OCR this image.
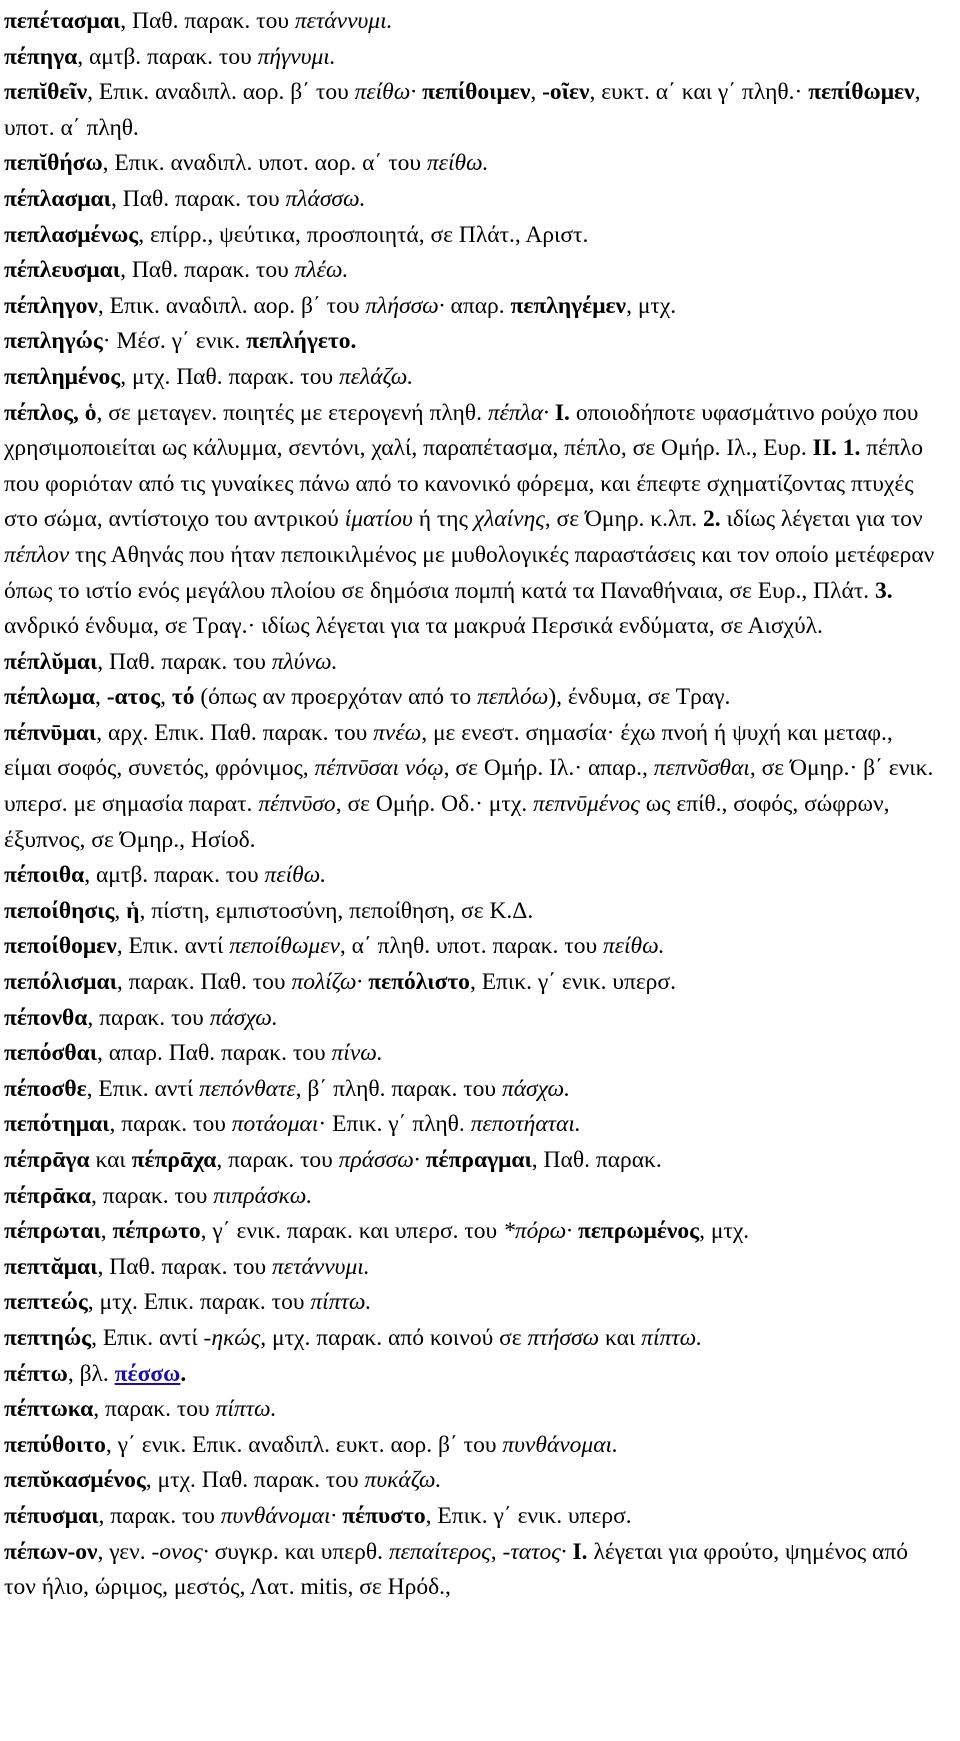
πεπέτασμαι, Παθ. παρακ. του πετάννυμι.

πέπηγα, αμτβ. παρακ. του πήγνυμι.

πεπῐθεῖν, Επικ. αναδιπλ. αορ. β΄ του πείθω· πεπίθοιμεν, -οῖεν, ευκτ. α΄ και γ΄ πληθ.· πεπίθωμεν, υποτ. α΄ πληθ.

πεπῐθήσω, Επικ. αναδιπλ. υποτ. αορ. α΄ του πείθω.

πέπλασμαι, Παθ. παρακ. του πλάσσω.

πεπλασμένως, επίρρ., ψεύτικα, προσποιητά, σε Πλάτ., Αριστ.

πέπλευσμαι, Παθ. παρακ. του πλέω.

πέπληγον, Επικ. αναδιπλ. αορ. β΄ του πλήσσω· απαρ. πεπληγέμεν, μτχ.

πεπληγώς· Μέσ. γ΄ ενικ. πεπλήγετο.

πεπλημένος, μτχ. Παθ. παρακ. του πελάζω.

πέπλος, ὁ, σε μεταγεν. ποιητές με ετερογενή πληθ. πέπλα· I. οποιοδήποτε υφασμάτινο ρούχο που χρησιμοποιείται ως κάλυμμα, σεντόνι, χαλί, παραπέτασμα, πέπλο, σε Ομήρ. Ιλ., Ευρ. II. 1. πέπλο που φοριόταν από τις γυναίκες πάνω από το κανονικό φόρεμα, και έπεφτε σχηματίζοντας πτυχές στο σώμα, αντίστοιχο του αντρικού ἱματίου ή της χλαίνης, σε Όμηρ. κ.λπ. 2. ιδίως λέγεται για τον πέπλον της Αθηνάς που ήταν πεποικιλμένος με μυθολογικές παραστάσεις και τον οποίο μετέφεραν όπως το ιστίο ενός μεγάλου πλοίου σε δημόσια πομπή κατά τα Παναθήναια, σε Ευρ., Πλάτ. 3. ανδρικό ένδυμα, σε Τραγ.· ιδίως λέγεται για τα μακρυά Περσικά ενδύματα, σε Αισχύλ.

πέπλῠμαι, Παθ. παρακ. του πλύνω.

πέπλωμα, -ατος, τό (όπως αν προερχόταν από το πεπλόω), ένδυμα, σε Τραγ.

πέπνῡμαι, αρχ. Επικ. Παθ. παρακ. του πνέω, με ενεστ. σημασία· έχω πνοή ή ψυχή και μεταφ., είμαι σοφός, συνετός, φρόνιμος, πέπνῡσαι νόῳ, σε Ομήρ. Ιλ.· απαρ., πεπνῦσθαι, σε Όμηρ.· β΄ ενικ. υπερσ. με σημασία παρατ. πέπνῡσο, σε Ομήρ. Οδ.· μτχ. πεπνῡμένος ως επίθ., σοφός, σώφρων, έξυπνος, σε Όμηρ., Ησίοδ.

πέποιθα, αμτβ. παρακ. του πείθω.

πεποίθησις, ἡ, πίστη, εμπιστοσύνη, πεποίθηση, σε Κ.Δ.

πεποίθομεν, Επικ. αντί πεποίθωμεν, α΄ πληθ. υποτ. παρακ. του πείθω.

πεπόλισμαι, παρακ. Παθ. του πολίζω· πεπόλιστο, Επικ. γ΄ ενικ. υπερσ.

πέπονθα, παρακ. του πάσχω.

πεπόσθαι, απαρ. Παθ. παρακ. του πίνω.

πέποσθε, Επικ. αντί πεπόνθατε, β΄ πληθ. παρακ. του πάσχω.

πεπότημαι, παρακ. του ποτάομαι· Επικ. γ΄ πληθ. πεποτήαται.

πέπρᾱγα και πέπρᾱχα, παρακ. του πράσσω· πέπραγμαι, Παθ. παρακ.

πέπρᾱκα, παρακ. του πιπράσκω.

πέπρωται, πέπρωτο, γ΄ ενικ. παρακ. και υπερσ. του *πόρω· πεπρωμένος, μτχ.

πεπτᾰμαι, Παθ. παρακ. του πετάννυμι.

πεπτεώς, μτχ. Επικ. παρακ. του πίπτω.

πεπτηώς, Επικ. αντί -ηκώς, μτχ. παρακ. από κοινού σε πτήσσω και πίπτω.

πέπτω, βλ. πέσσω.

πέπτωκα, παρακ. του πίπτω.

πεπύθοιτο, γ΄ ενικ. Επικ. αναδιπλ. ευκτ. αορ. β΄ του πυνθάνομαι.

πεπῠκασμένος, μτχ. Παθ. παρακ. του πυκάζω.

πέπυσμαι, παρακ. του πυνθάνομαι· πέπυστο, Επικ. γ΄ ενικ. υπερσ.

πέπων-ον, γεν. -ονος· συγκρ. και υπερθ. πεπαίτερος, -τατος· I. λέγεται για φρούτο, ψημένος από τον ήλιο, ώριμος, μεστός, Λατ. mitis, σε Ηρόδ.,
